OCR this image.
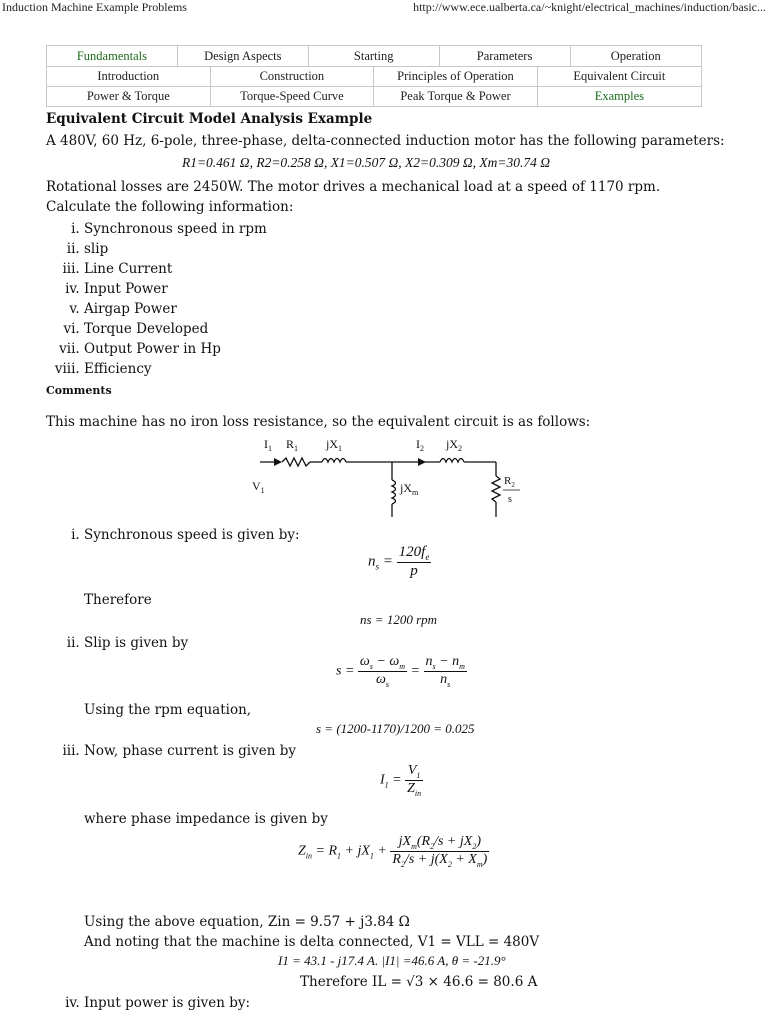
Induction Machine Example Problems	http://www.ece.ualberta.ca/~knight/electrical_machines/induction/basic...
Fundamentals	Design Aspects		Starting		Parameters		Operation
Introduction		Construction		Principles of Operation		Equivalent Circuit	
Power & Torque		Torque-Speed Curve		Peak Torque & Power		Examples	

Equivalent Circuit Model Analysis Example

A 480V, 60 Hz, 6-pole, three-phase, delta-connected induction motor has the following parameters:

R1=0.461 Ω, R2=0.258 Ω, X1=0.507 Ω, X2=0.309 Ω, Xm=30.74 Ω

Rotational losses are 2450W. The motor drives a mechanical load at a speed of 1170 rpm. Calculate the following information:

i. Synchronous speed in rpm
ii. slip
iii. Line Current
iv. Input Power
v. Airgap Power
vi. Torque Developed
vii. Output Power in Hp
viii. Efficiency

Comments

This machine has no iron loss resistance, so the equivalent circuit is as follows:

$I_1$ $R_1$ $jX_1$	$I_2$ $jX_2$
$V_1$	$jX_m$
$R_2$
s
i. Synchronous speed is given by:
$n_s = \frac{120f_e}{p}$
Therefore
ns = 1200 rpm
ii. Slip is given by
$s = \frac{\omega_s - \omega_m}{\omega_s} = \frac{n_s - n_m}{n_s}$
Using the rpm equation,
s = (1200-1170)/1200 = 0.025
iii. Now, phase current is given by
$I_1 = \frac{V_1}{Z_{in}}$
where phase impedance is given by
$Z_{in} = R_1 + jX_1 + \frac{jX_m(R_2/s + jX_2)}{R_2/s + j(X_2 + X_m)}$
Using the above equation, Zin = 9.57 + j3.84 Ω
And noting that the machine is delta connected, V1 = VLL = 480V
I1 = 43.1 - j17.4 A. |I1| =46.6 A, θ = -21.9°
Therefore IL = √3 × 46.6 = 80.6 A
iv. Input power is given by:
